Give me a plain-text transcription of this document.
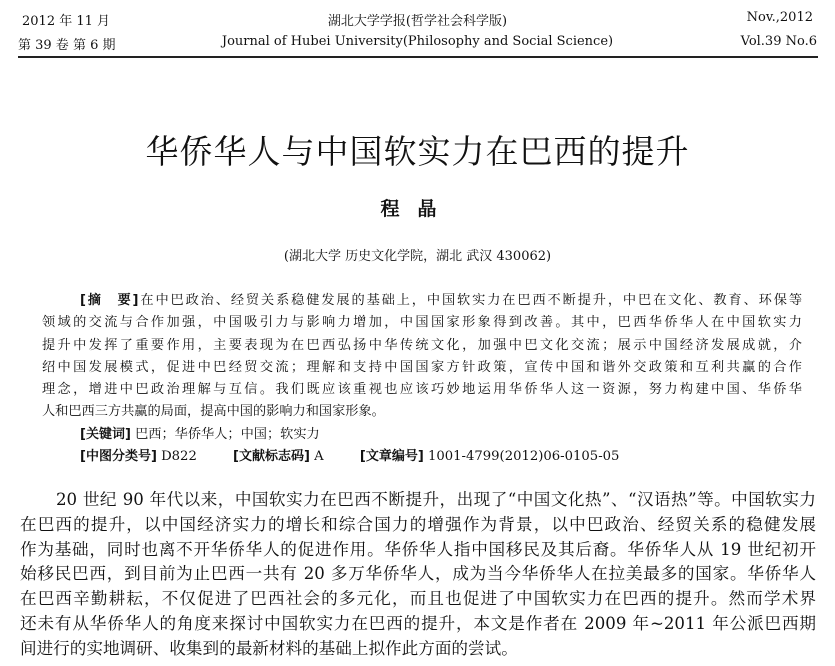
2012 年 11 月	湖北大学学报(哲学社会科学版)	Nov.,2012
第 39 卷 第 6 期	Journal of Hubei University(Philosophy and Social Science)	Vol.39 No.6
华侨华人与中国软实力在巴西的提升
程晶
(湖北大学 历史文化学院，湖北 武汉 430062)
[摘　要]在中巴政治、经贸关系稳健发展的基础上，中国软实力在巴西不断提升，中巴在文化、教育、环保等
领域的交流与合作加强，中国吸引力与影响力增加，中国国家形象得到改善。其中，巴西华侨华人在中国软实力
提升中发挥了重要作用，主要表现为在巴西弘扬中华传统文化，加强中巴文化交流；展示中国经济发展成就，介
绍中国发展模式，促进中巴经贸交流；理解和支持中国国家方针政策，宣传中国和谐外交政策和互利共赢的合作
理念，增进中巴政治理解与互信。我们既应该重视也应该巧妙地运用华侨华人这一资源，努力构建中国、华侨华
人和巴西三方共赢的局面，提高中国的影响力和国家形象。
[关键词] 巴西；华侨华人；中国；软实力
[中图分类号] D822	[文献标志码] A	[文章编号] 1001-4799(2012)06-0105-05
20 世纪 90 年代以来，中国软实力在巴西不断提升，出现了“中国文化热”、“汉语热”等。中国软实力
在巴西的提升，以中国经济实力的增长和综合国力的增强作为背景，以中巴政治、经贸关系的稳健发展
作为基础，同时也离不开华侨华人的促进作用。华侨华人指中国移民及其后裔。华侨华人从 19 世纪初开
始移民巴西，到目前为止巴西一共有 20 多万华侨华人，成为当今华侨华人在拉美最多的国家。华侨华人
在巴西辛勤耕耘，不仅促进了巴西社会的多元化，而且也促进了中国软实力在巴西的提升。然而学术界
还未有从华侨华人的角度来探讨中国软实力在巴西的提升，本文是作者在 2009 年~2011 年公派巴西期
间进行的实地调研、收集到的最新材料的基础上拟作此方面的尝试。
